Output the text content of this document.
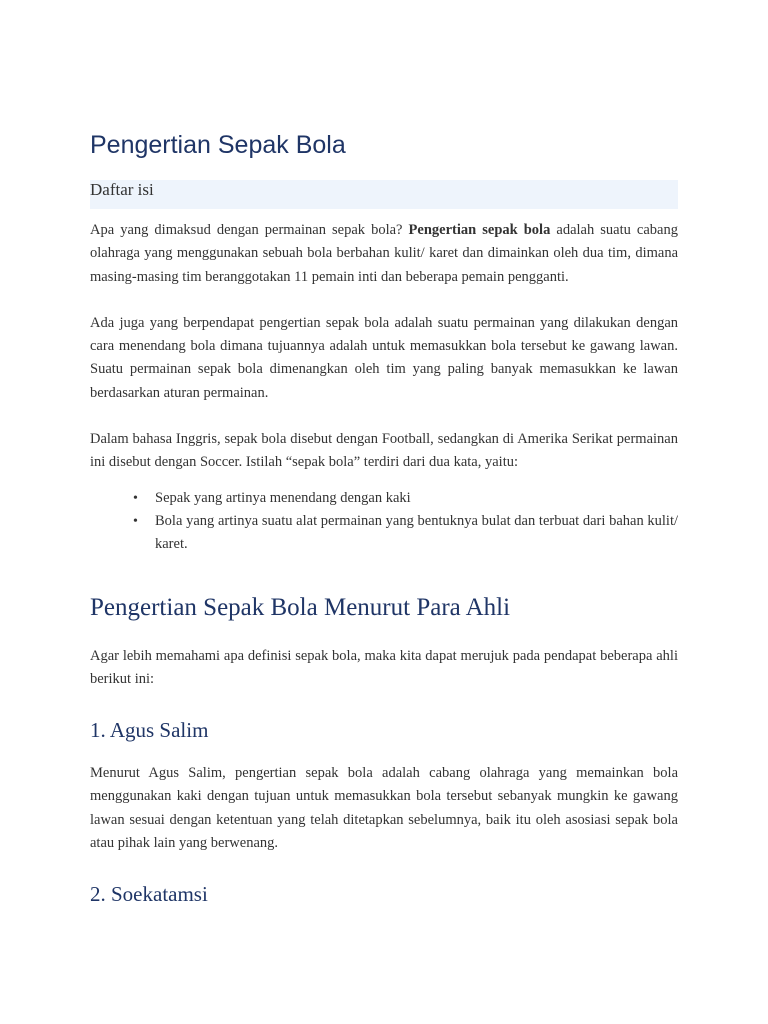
Pengertian Sepak Bola
Daftar isi

Apa yang dimaksud dengan permainan sepak bola? Pengertian sepak bola adalah suatu cabang olahraga yang menggunakan sebuah bola berbahan kulit/ karet dan dimainkan oleh dua tim, dimana masing-masing tim beranggotakan 11 pemain inti dan beberapa pemain pengganti.

Ada juga yang berpendapat pengertian sepak bola adalah suatu permainan yang dilakukan dengan cara menendang bola dimana tujuannya adalah untuk memasukkan bola tersebut ke gawang lawan. Suatu permainan sepak bola dimenangkan oleh tim yang paling banyak memasukkan ke lawan berdasarkan aturan permainan.

Dalam bahasa Inggris, sepak bola disebut dengan Football, sedangkan di Amerika Serikat permainan ini disebut dengan Soccer. Istilah “sepak bola” terdiri dari dua kata, yaitu:

• Sepak yang artinya menendang dengan kaki
• Bola yang artinya suatu alat permainan yang bentuknya bulat dan terbuat dari bahan kulit/ karet.
Pengertian Sepak Bola Menurut Para Ahli

Agar lebih memahami apa definisi sepak bola, maka kita dapat merujuk pada pendapat beberapa ahli berikut ini:

1. Agus Salim

Menurut Agus Salim, pengertian sepak bola adalah cabang olahraga yang memainkan bola menggunakan kaki dengan tujuan untuk memasukkan bola tersebut sebanyak mungkin ke gawang lawan sesuai dengan ketentuan yang telah ditetapkan sebelumnya, baik itu oleh asosiasi sepak bola atau pihak lain yang berwenang.

2. Soekatamsi
